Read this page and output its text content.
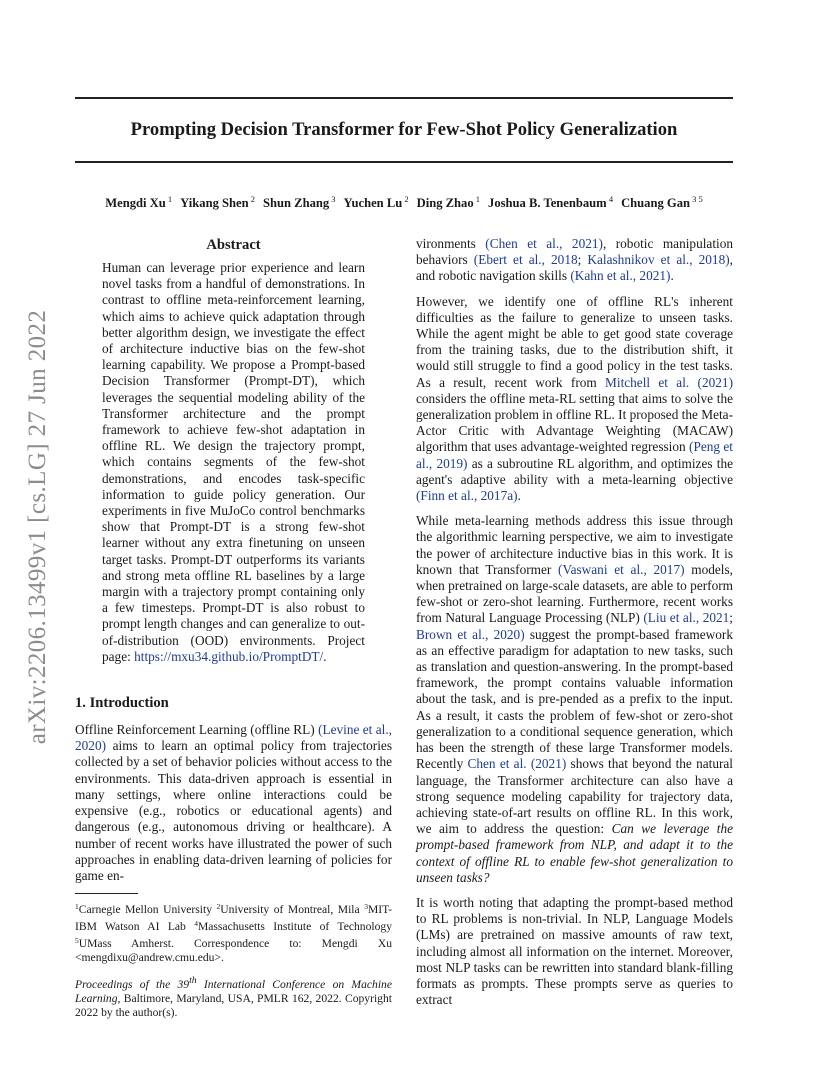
Prompting Decision Transformer for Few-Shot Policy Generalization
Mengdi Xu $^1$ Yikang Shen $^2$ Shun Zhang $^3$ Yuchen Lu $^2$ Ding Zhao $^1$ Joshua B. Tenenbaum $^4$ Chuang Gan $^{3 5}$
arXiv:2206.13499v1 [cs.LG] 27 Jun 2022
Abstract
Human can leverage prior experience and learn novel tasks from a handful of demonstrations. In contrast to offline meta-reinforcement learning, which aims to achieve quick adaptation through better algorithm design, we investigate the effect of architecture inductive bias on the few-shot learning capability. We propose a Prompt-based Decision Transformer (Prompt-DT), which leverages the sequential modeling ability of the Transformer architecture and the prompt framework to achieve few-shot adaptation in offline RL. We design the trajectory prompt, which contains segments of the few-shot demonstrations, and encodes task-specific information to guide policy generation. Our experiments in five MuJoCo control benchmarks show that Prompt-DT is a strong few-shot learner without any extra finetuning on unseen target tasks. Prompt-DT outperforms its variants and strong meta offline RL baselines by a large margin with a trajectory prompt containing only a few timesteps. Prompt-DT is also robust to prompt length changes and can generalize to out-of-distribution (OOD) environments. Project page: https://mxu34.github.io/PromptDT/.
1. Introduction

Offline Reinforcement Learning (offline RL) (Levine et al., 2020) aims to learn an optimal policy from trajectories collected by a set of behavior policies without access to the environments. This data-driven approach is essential in many settings, where online interactions could be expensive (e.g., robotics or educational agents) and dangerous (e.g., autonomous driving or healthcare). A number of recent works have illustrated the power of such approaches in enabling data-driven learning of policies for game en-

$^1$Carnegie Mellon University $^2$University of Montreal, Mila $^3$MIT-IBM Watson AI Lab $^4$Massachusetts Institute of Technology $^5$UMass Amherst. Correspondence to: Mengdi Xu <mengdixu@andrew.cmu.edu>.
Proceedings of the 39th International Conference on Machine Learning, Baltimore, Maryland, USA, PMLR 162, 2022. Copyright 2022 by the author(s).

vironments (Chen et al., 2021), robotic manipulation behaviors (Ebert et al., 2018; Kalashnikov et al., 2018), and robotic navigation skills (Kahn et al., 2021).

However, we identify one of offline RL's inherent difficulties as the failure to generalize to unseen tasks. While the agent might be able to get good state coverage from the training tasks, due to the distribution shift, it would still struggle to find a good policy in the test tasks. As a result, recent work from Mitchell et al. (2021) considers the offline meta-RL setting that aims to solve the generalization problem in offline RL. It proposed the Meta-Actor Critic with Advantage Weighting (MACAW) algorithm that uses advantage-weighted regression (Peng et al., 2019) as a subroutine RL algorithm, and optimizes the agent's adaptive ability with a meta-learning objective (Finn et al., 2017a).

While meta-learning methods address this issue through the algorithmic learning perspective, we aim to investigate the power of architecture inductive bias in this work. It is known that Transformer (Vaswani et al., 2017) models, when pretrained on large-scale datasets, are able to perform few-shot or zero-shot learning. Furthermore, recent works from Natural Language Processing (NLP) (Liu et al., 2021; Brown et al., 2020) suggest the prompt-based framework as an effective paradigm for adaptation to new tasks, such as translation and question-answering. In the prompt-based framework, the prompt contains valuable information about the task, and is pre-pended as a prefix to the input. As a result, it casts the problem of few-shot or zero-shot generalization to a conditional sequence generation, which has been the strength of these large Transformer models. Recently Chen et al. (2021) shows that beyond the natural language, the Transformer architecture can also have a strong sequence modeling capability for trajectory data, achieving state-of-art results on offline RL. In this work, we aim to address the question: Can we leverage the prompt-based framework from NLP, and adapt it to the context of offline RL to enable few-shot generalization to unseen tasks?

It is worth noting that adapting the prompt-based method to RL problems is non-trivial. In NLP, Language Models (LMs) are pretrained on massive amounts of raw text, including almost all information on the internet. Moreover, most NLP tasks can be rewritten into standard blank-filling formats as prompts. These prompts serve as queries to extract
